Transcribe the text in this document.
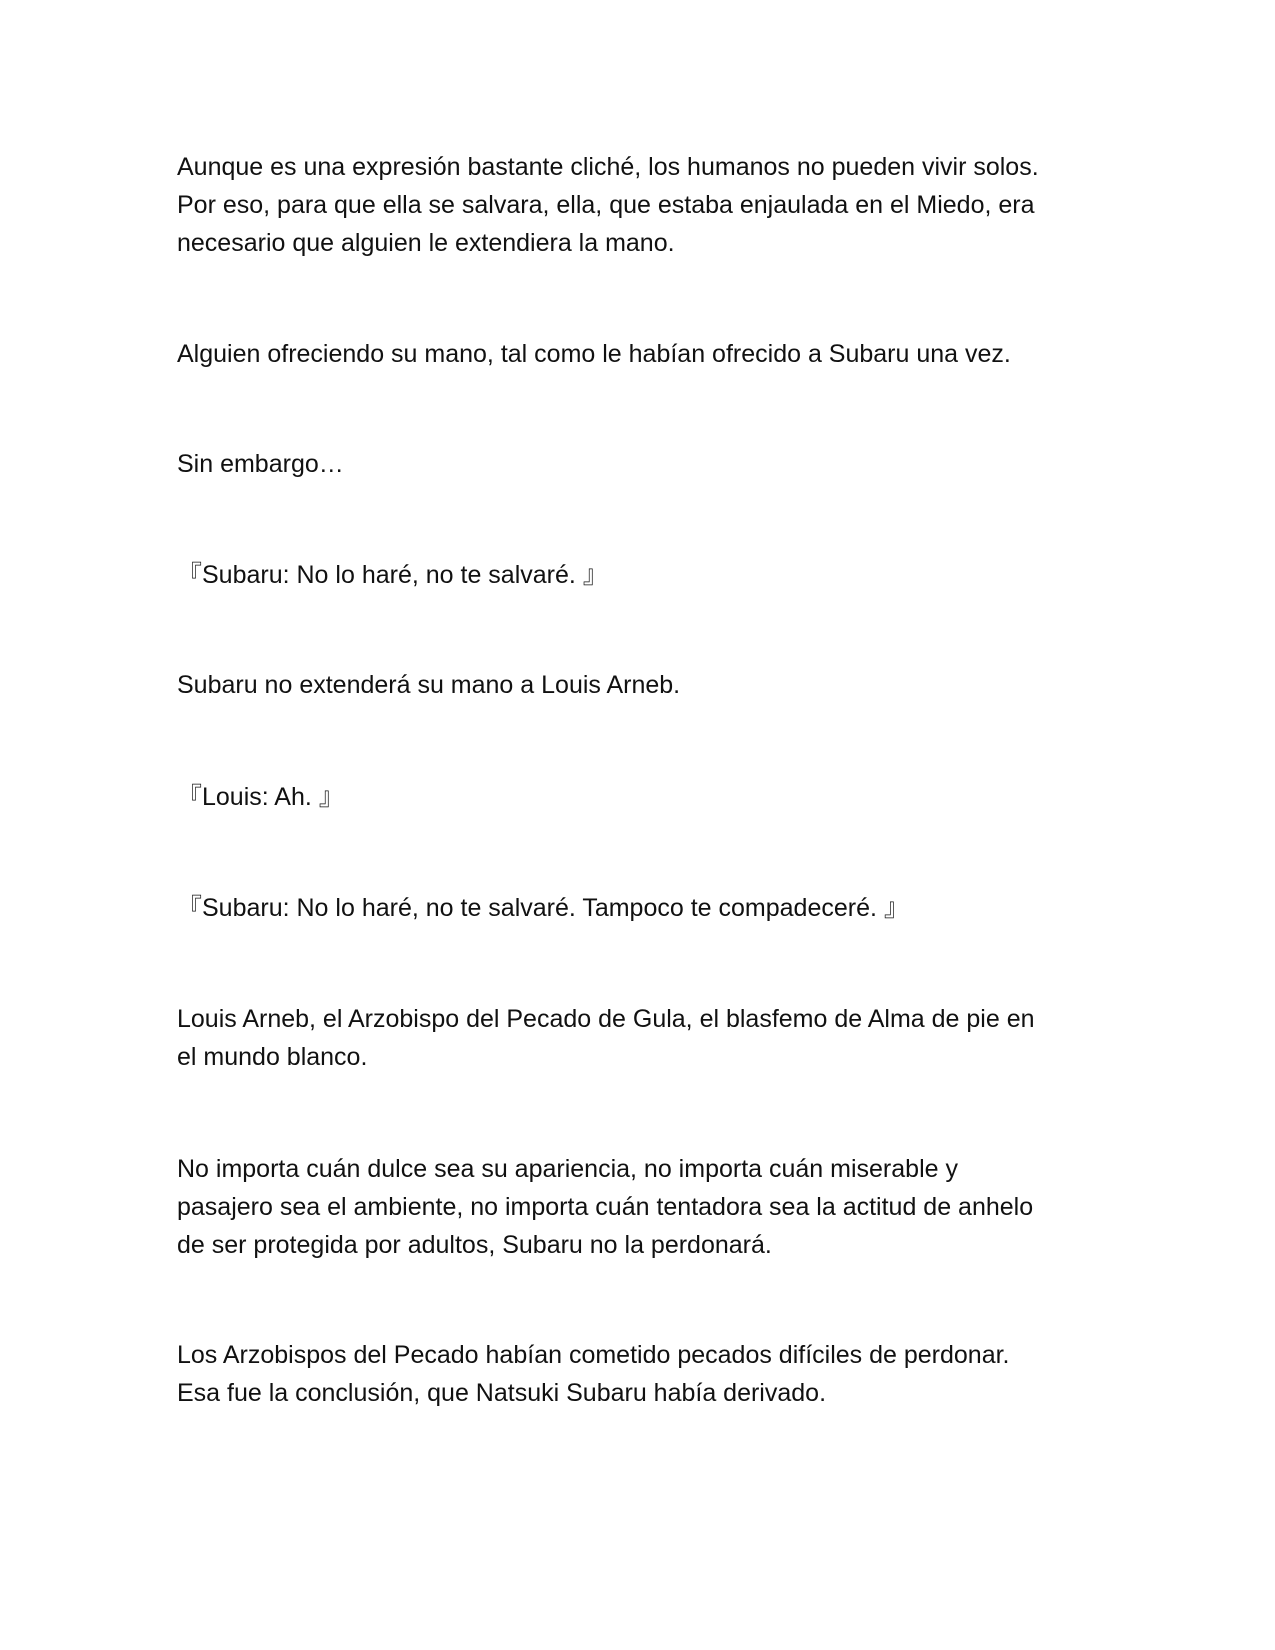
Aunque es una expresión bastante cliché, los humanos no pueden vivir solos.
Por eso, para que ella se salvara, ella, que estaba enjaulada en el Miedo, era
necesario que alguien le extendiera la mano.

Alguien ofreciendo su mano, tal como le habían ofrecido a Subaru una vez.

Sin embargo…

『Subaru: No lo haré, no te salvaré. 』

Subaru no extenderá su mano a Louis Arneb.

『Louis: Ah. 』

『Subaru: No lo haré, no te salvaré. Tampoco te compadeceré. 』

Louis Arneb, el Arzobispo del Pecado de Gula, el blasfemo de Alma de pie en
el mundo blanco.

No importa cuán dulce sea su apariencia, no importa cuán miserable y
pasajero sea el ambiente, no importa cuán tentadora sea la actitud de anhelo
de ser protegida por adultos, Subaru no la perdonará.

Los Arzobispos del Pecado habían cometido pecados difíciles de perdonar.
Esa fue la conclusión, que Natsuki Subaru había derivado.
